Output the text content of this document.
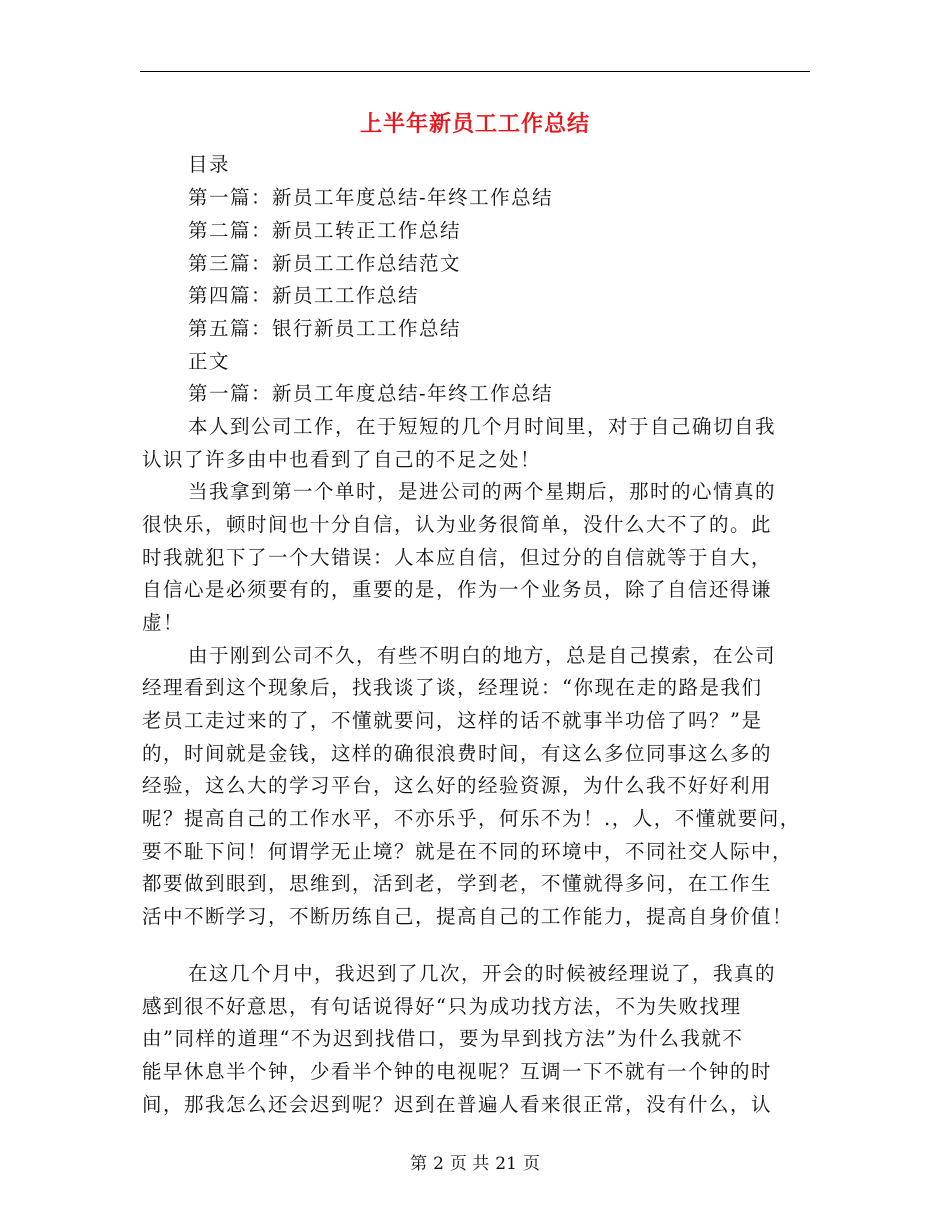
上半年新员工工作总结
目录
第一篇：新员工年度总结-年终工作总结
第二篇：新员工转正工作总结
第三篇：新员工工作总结范文
第四篇：新员工工作总结
第五篇：银行新员工工作总结
正文
第一篇：新员工年度总结-年终工作总结
本人到公司工作，在于短短的几个月时间里，对于自己确切自我
认识了许多由中也看到了自己的不足之处！
当我拿到第一个单时，是进公司的两个星期后，那时的心情真的
很快乐，顿时间也十分自信，认为业务很简单，没什么大不了的。此
时我就犯下了一个大错误：人本应自信，但过分的自信就等于自大，
自信心是必须要有的，重要的是，作为一个业务员，除了自信还得谦
虚！
由于刚到公司不久，有些不明白的地方，总是自己摸索，在公司
经理看到这个现象后，找我谈了谈，经理说：“你现在走的路是我们
老员工走过来的了，不懂就要问，这样的话不就事半功倍了吗？”是
的，时间就是金钱，这样的确很浪费时间，有这么多位同事这么多的
经验，这么大的学习平台，这么好的经验资源，为什么我不好好利用
呢？提高自己的工作水平，不亦乐乎，何乐不为！.，人，不懂就要问，
要不耻下问！何谓学无止境？就是在不同的环境中，不同社交人际中，
都要做到眼到，思维到，活到老，学到老，不懂就得多问，在工作生
活中不断学习，不断历练自己，提高自己的工作能力，提高自身价值！
在这几个月中，我迟到了几次，开会的时候被经理说了，我真的
感到很不好意思，有句话说得好“只为成功找方法，不为失败找理
由”同样的道理“不为迟到找借口，要为早到找方法”为什么我就不
能早休息半个钟，少看半个钟的电视呢？互调一下不就有一个钟的时
间，那我怎么还会迟到呢？迟到在普遍人看来很正常，没有什么，认
第 2 页 共 21 页
